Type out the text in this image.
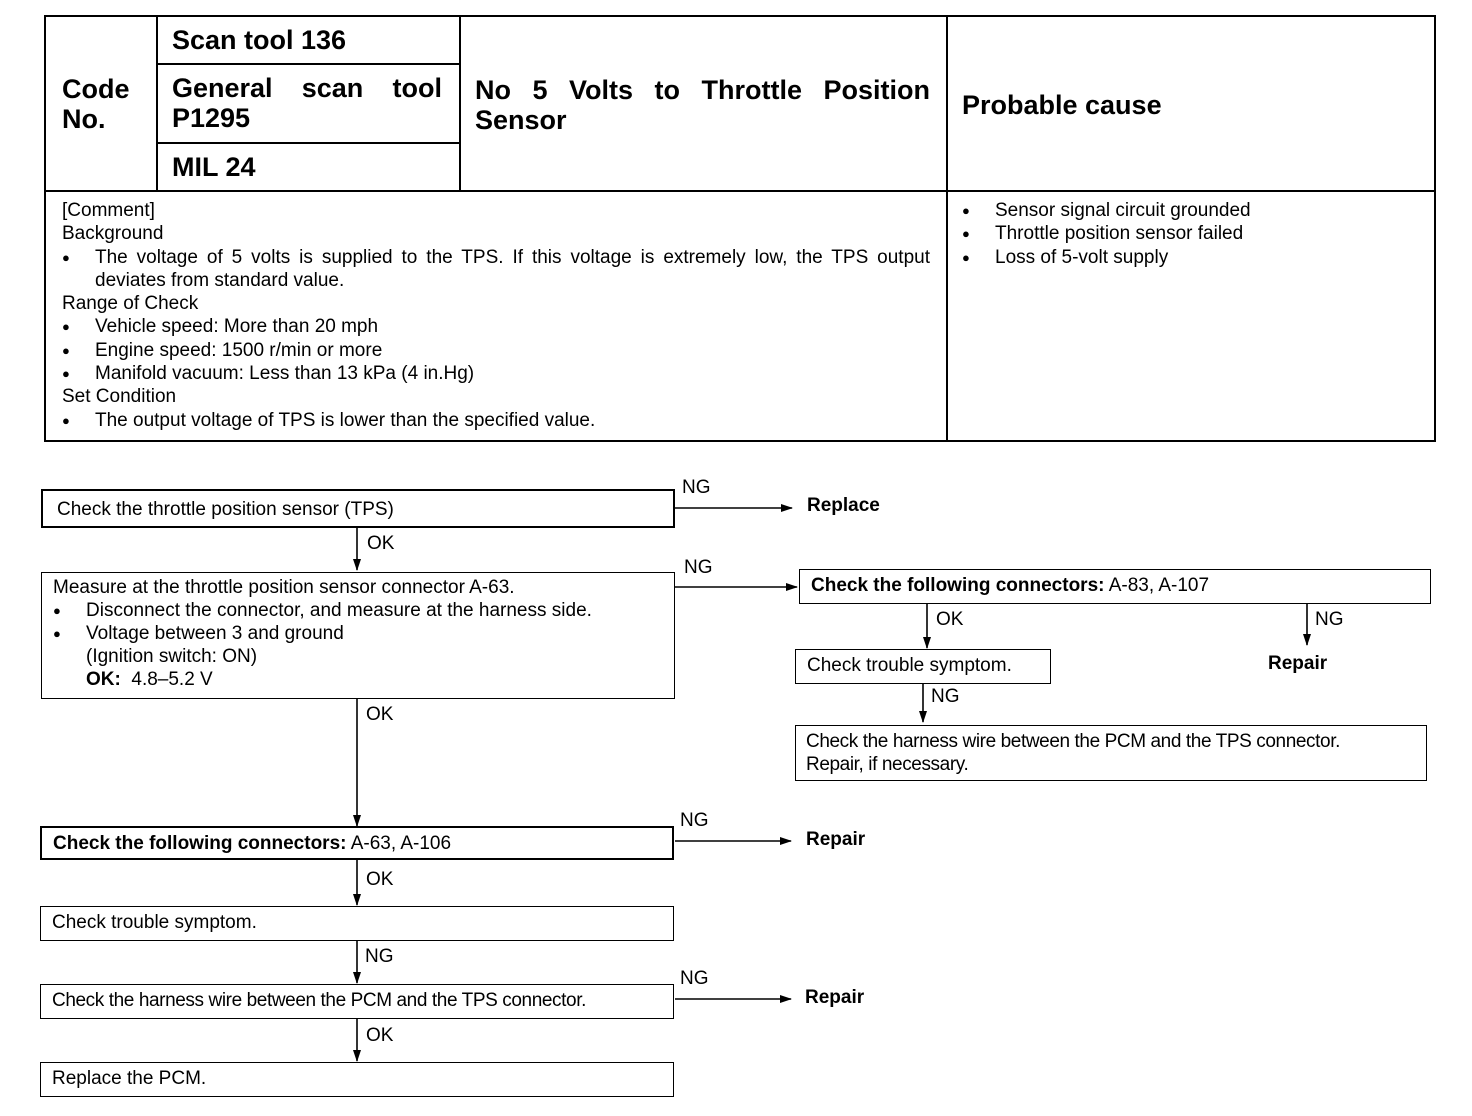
Code No.
Scan tool 136
General scan tool P1295
MIL 24
No 5 Volts to Throttle Position Sensor	Probable cause
[Comment]
Background
● The voltage of 5 volts is supplied to the TPS. If this voltage is extremely low, the TPS output deviates from standard value.
Range of Check
● Vehicle speed: More than 20 mph
● Engine speed: 1500 r/min or more
● Manifold vacuum: Less than 13 kPa (4 in.Hg)
Set Condition
● The output voltage of TPS is lower than the specified value.
● Sensor signal circuit grounded
● Throttle position sensor failed
● Loss of 5-volt supply
Check the throttle position sensor (TPS)
Measure at the throttle position sensor connector A-63.
● Disconnect the connector, and measure at the harness side.
● Voltage between 3 and ground
(Ignition switch: ON)
OK: 4.8–5.2 V
Check the following connectors: A-63, A-106
Check trouble symptom.
Check the harness wire between the PCM and the TPS connector.
Replace the PCM.
Check the following connectors: A-83, A-107
Check trouble symptom.
Check the harness wire between the PCM and the TPS connector.
Repair, if necessary.
Replace
Repair
Repair
Repair
NG
OK
NG
OK
NG
OK
NG
NG
OK
OK	NG
NG
